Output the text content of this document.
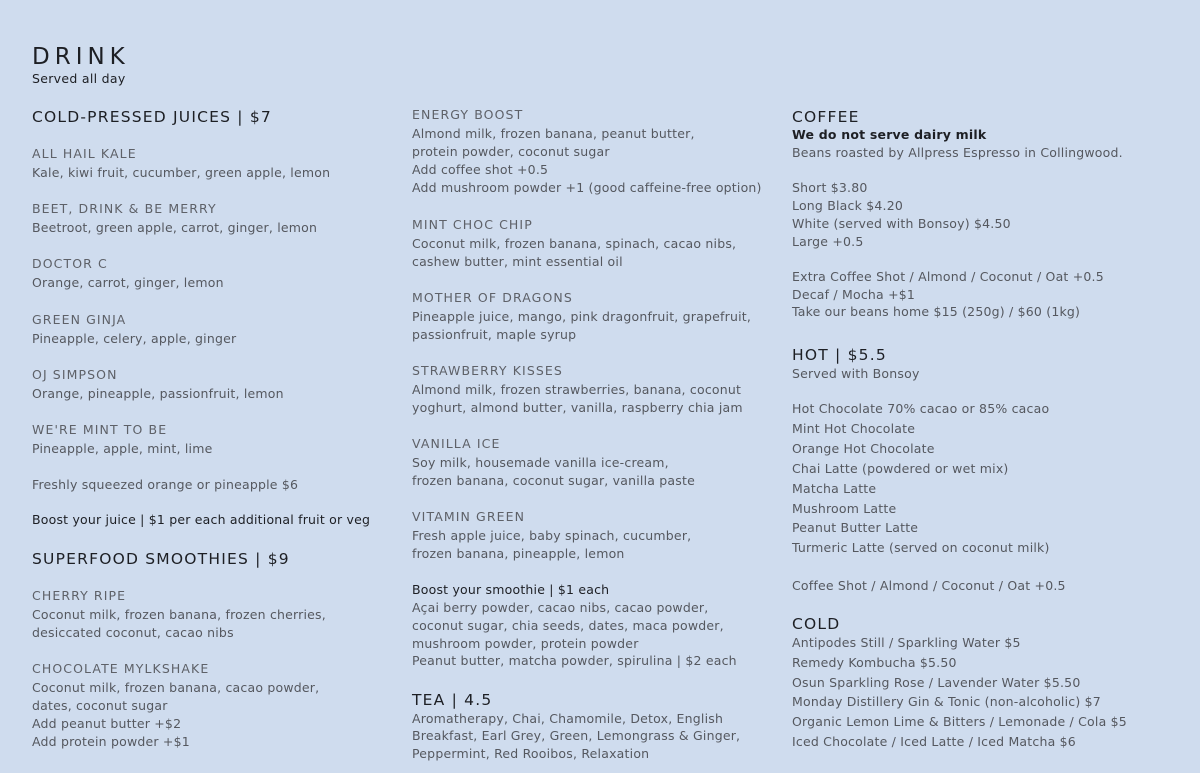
DRINK
Served all day
COLD-PRESSED JUICES | $7
ALL HAIL KALE
Kale, kiwi fruit, cucumber, green apple, lemon
BEET, DRINK & BE MERRY
Beetroot, green apple, carrot, ginger, lemon
DOCTOR C
Orange, carrot, ginger, lemon
GREEN GINJA
Pineapple, celery, apple, ginger
OJ SIMPSON
Orange, pineapple, passionfruit, lemon
WE'RE MINT TO BE
Pineapple, apple, mint, lime
Freshly squeezed orange or pineapple $6
Boost your juice | $1 per each additional fruit or veg
SUPERFOOD SMOOTHIES | $9
CHERRY RIPE
Coconut milk, frozen banana, frozen cherries,
desiccated coconut, cacao nibs
CHOCOLATE MYLKSHAKE
Coconut milk, frozen banana, cacao powder,
dates, coconut sugar
Add peanut butter +$2
Add protein powder +$1
ENERGY BOOST
Almond milk, frozen banana, peanut butter,
protein powder, coconut sugar
Add coffee shot +0.5
Add mushroom powder +1 (good caffeine-free option)
MINT CHOC CHIP
Coconut milk, frozen banana, spinach, cacao nibs,
cashew butter, mint essential oil
MOTHER OF DRAGONS
Pineapple juice, mango, pink dragonfruit, grapefruit,
passionfruit, maple syrup
STRAWBERRY KISSES
Almond milk, frozen strawberries, banana, coconut
yoghurt, almond butter, vanilla, raspberry chia jam
VANILLA ICE
Soy milk, housemade vanilla ice-cream,
frozen banana, coconut sugar, vanilla paste
VITAMIN GREEN
Fresh apple juice, baby spinach, cucumber,
frozen banana, pineapple, lemon
Boost your smoothie | $1 each
Açai berry powder, cacao nibs, cacao powder,
coconut sugar, chia seeds, dates, maca powder,
mushroom powder, protein powder
Peanut butter, matcha powder, spirulina | $2 each
TEA | 4.5
Aromatherapy, Chai, Chamomile, Detox, English
Breakfast, Earl Grey, Green, Lemongrass & Ginger,
Peppermint, Red Rooibos, Relaxation
COFFEE
We do not serve dairy milk
Beans roasted by Allpress Espresso in Collingwood.
Short $3.80
Long Black $4.20
White (served with Bonsoy) $4.50
Large +0.5
Extra Coffee Shot / Almond / Coconut / Oat +0.5
Decaf / Mocha +$1
Take our beans home $15 (250g) / $60 (1kg)
HOT | $5.5
Served with Bonsoy
Hot Chocolate 70% cacao or 85% cacao
Mint Hot Chocolate
Orange Hot Chocolate
Chai Latte (powdered or wet mix)
Matcha Latte
Mushroom Latte
Peanut Butter Latte
Turmeric Latte (served on coconut milk)
Coffee Shot / Almond / Coconut / Oat +0.5
COLD
Antipodes Still / Sparkling Water $5
Remedy Kombucha $5.50
Osun Sparkling Rose / Lavender Water $5.50
Monday Distillery Gin & Tonic (non-alcoholic) $7
Organic Lemon Lime & Bitters / Lemonade / Cola $5
Iced Chocolate / Iced Latte / Iced Matcha $6
